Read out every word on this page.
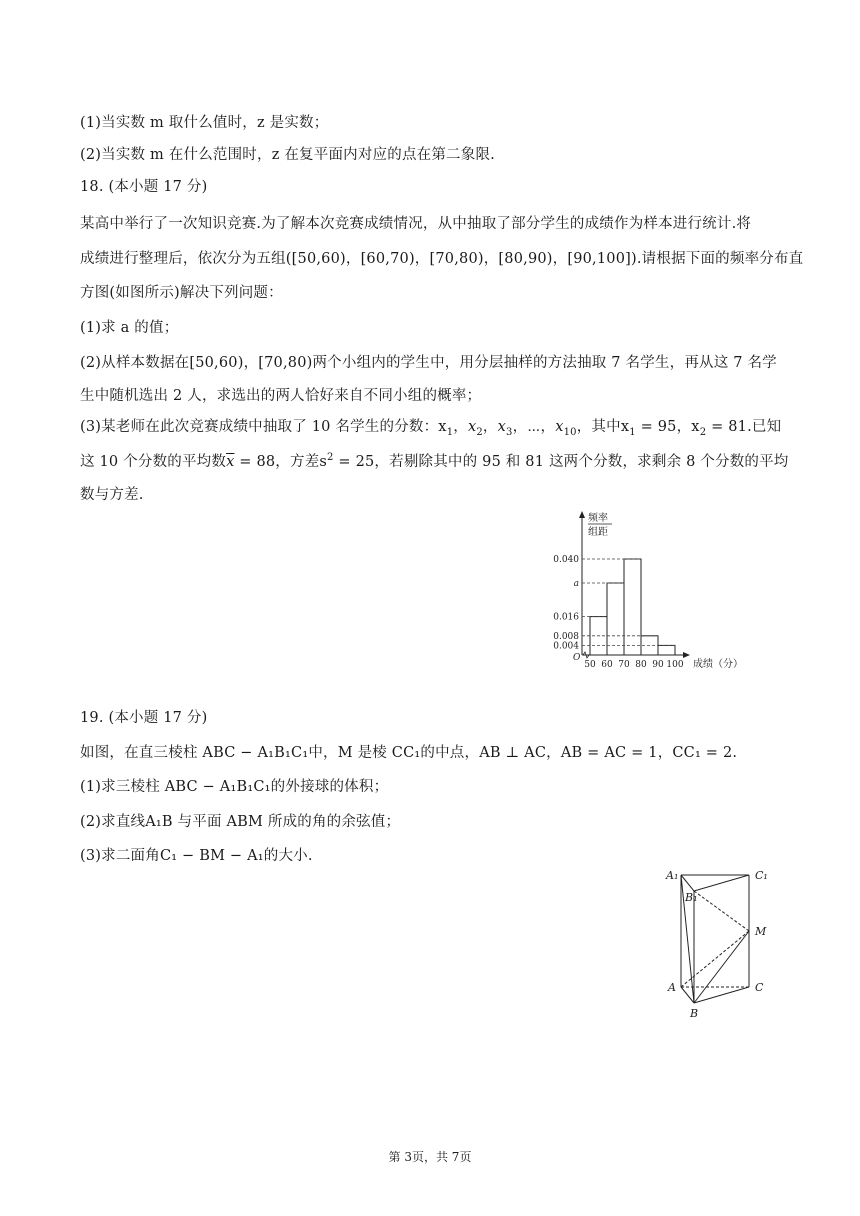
(1)当实数 m 取什么值时，z 是实数；
(2)当实数 m 在什么范围时，z 在复平面内对应的点在第二象限.
18. (本小题 17 分)
某高中举行了一次知识竞赛.为了解本次竞赛成绩情况，从中抽取了部分学生的成绩作为样本进行统计.将
成绩进行整理后，依次分为五组([50,60)，[60,70)，[70,80)，[80,90)，[90,100]).请根据下面的频率分布直
方图(如图所示)解决下列问题：
(1)求 a 的值；
(2)从样本数据在[50,60)，[70,80)两个小组内的学生中，用分层抽样的方法抽取 7 名学生，再从这 7 名学
生中随机选出 2 人，求选出的两人恰好来自不同小组的概率；
(3)某老师在此次竞赛成绩中抽取了 10 名学生的分数：$x_1$，$x_2$，$x_3$，⋯，$x_{10}$，其中$x_1 = 95$，$x_2 = 81$.已知
这 10 个分数的平均数$\overline{x} = 88$，方差$s^2 = 25$，若剔除其中的 95 和 81 这两个分数，求剩余 8 个分数的平均
数与方差.
频率
组距
0.040
a
0.016
0.008
0.004
O
50 60 70 80 90 100 成绩（分）
19. (本小题 17 分)
如图，在直三棱柱 ABC − A₁B₁C₁中，M 是棱 CC₁的中点，AB ⊥ AC，AB = AC = 1，CC₁ = 2.
(1)求三棱柱 ABC − A₁B₁C₁的外接球的体积；
(2)求直线A₁B 与平面 ABM 所成的角的余弦值；
(3)求二面角C₁ − BM − A₁的大小.
A₁
B₁
C₁
M
A	C
B
第 3页，共 7页
